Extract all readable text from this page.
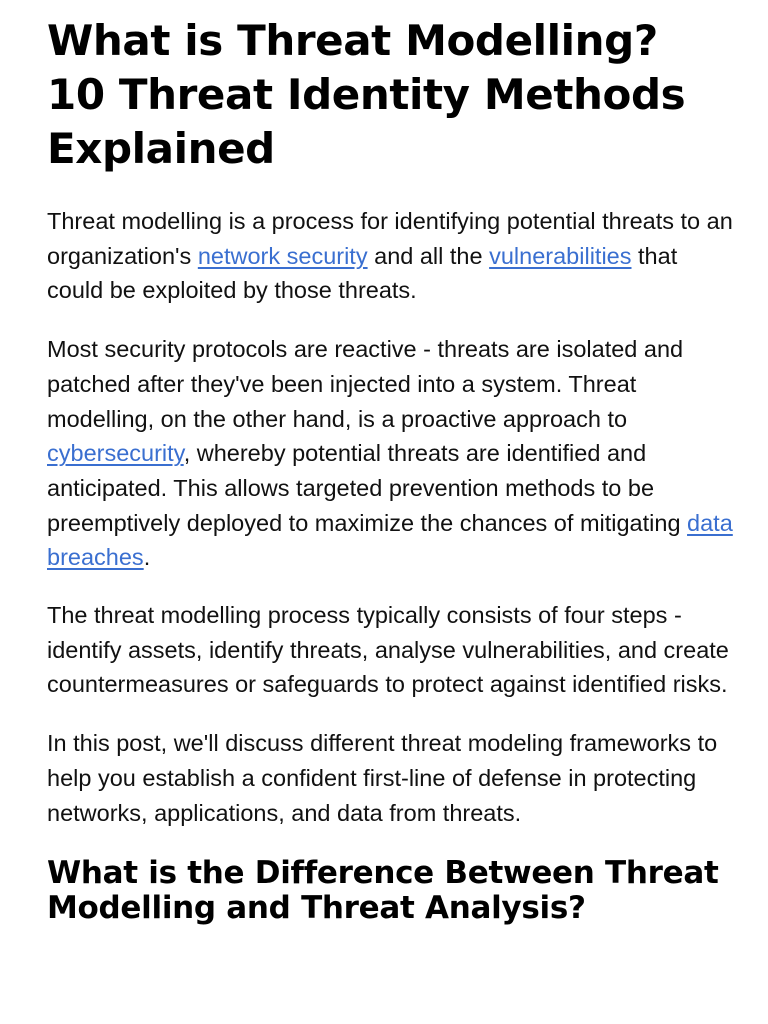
What is Threat Modelling?
10 Threat Identity Methods
Explained

Threat modelling is a process for identifying potential threats to an organization's network security and all the vulnerabilities that could be exploited by those threats.

Most security protocols are reactive - threats are isolated and patched after they've been injected into a system. Threat modelling, on the other hand, is a proactive approach to cybersecurity, whereby potential threats are identified and anticipated. This allows targeted prevention methods to be preemptively deployed to maximize the chances of mitigating data breaches.

The threat modelling process typically consists of four steps - identify assets, identify threats, analyse vulnerabilities, and create countermeasures or safeguards to protect against identified risks.

In this post, we'll discuss different threat modeling frameworks to help you establish a confident first-line of defense in protecting networks, applications, and data from threats.

What is the Difference Between Threat
Modelling and Threat Analysis?
